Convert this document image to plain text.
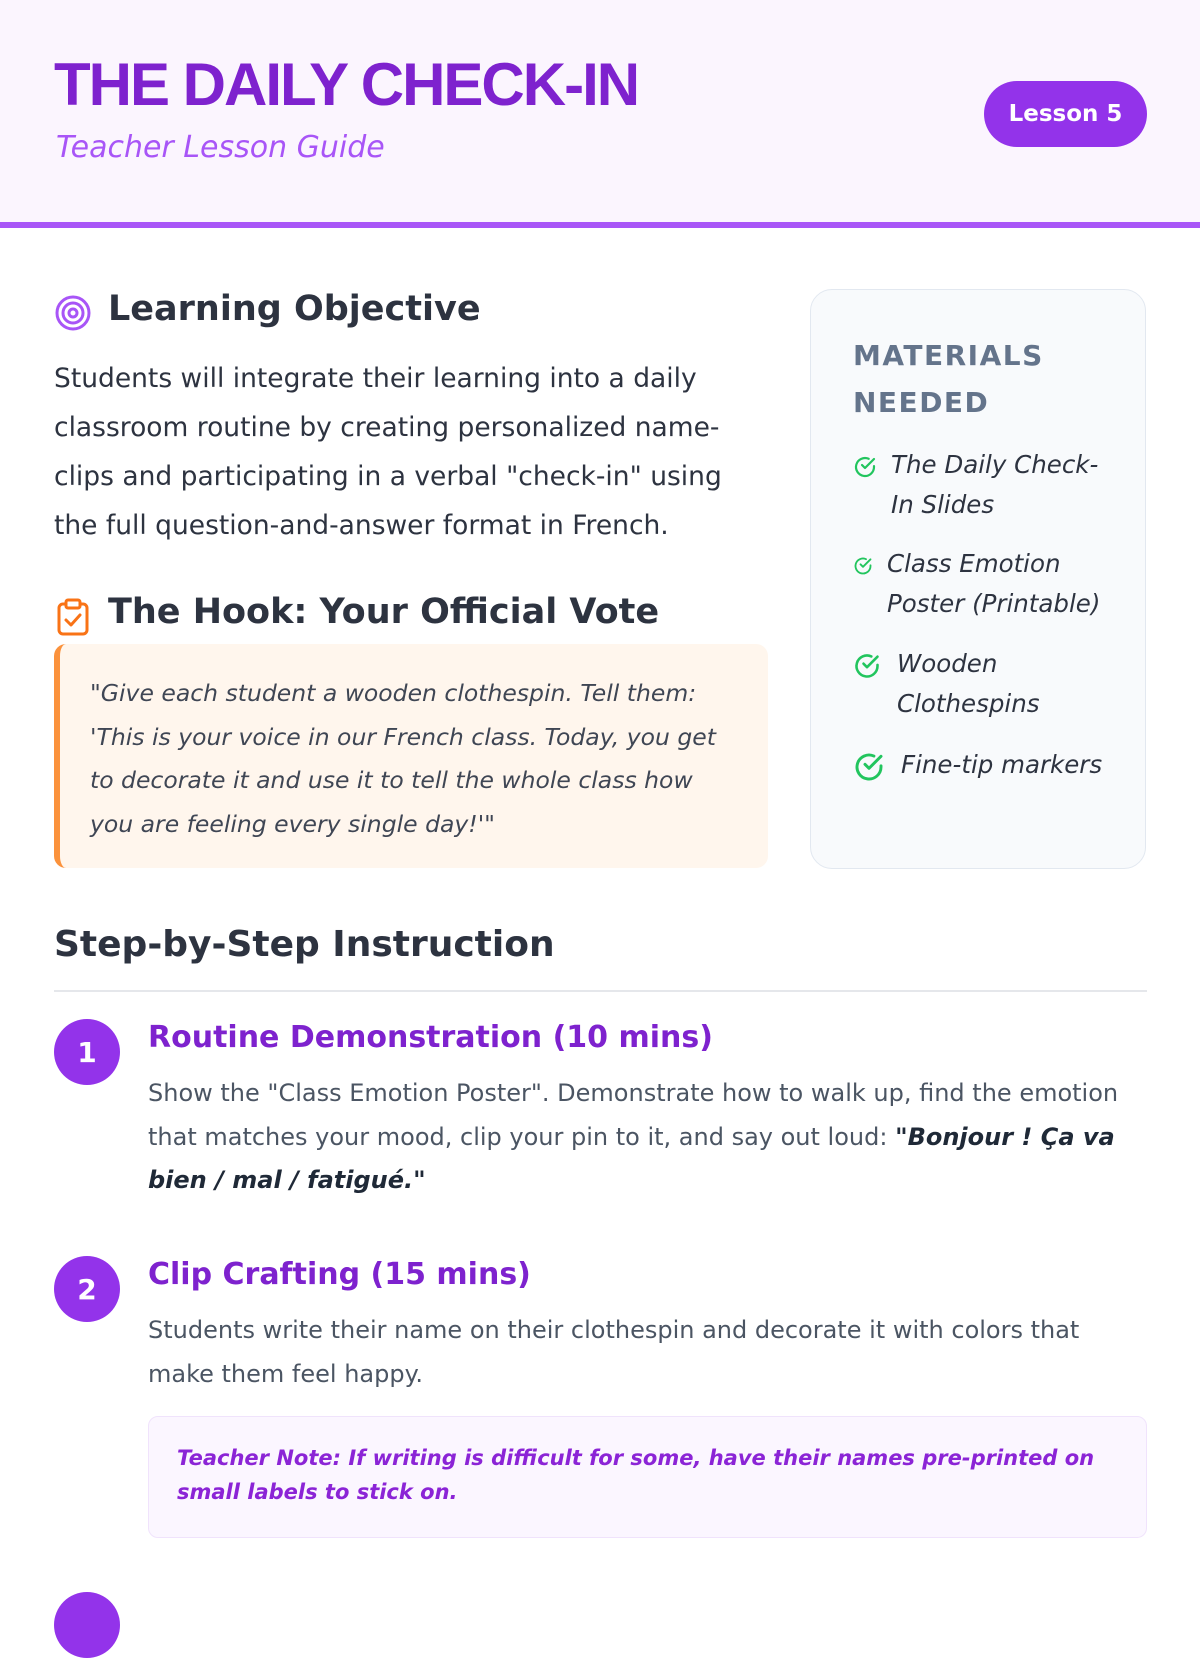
THE DAILY CHECK-IN
Teacher Lesson Guide
Lesson 5
Learning Objective
Students will integrate their learning into a daily classroom routine by creating personalized name-clips and participating in a verbal "check-in" using the full question-and-answer format in French.
The Hook: Your Official Vote
"Give each student a wooden clothespin. Tell them: 'This is your voice in our French class. Today, you get to decorate it and use it to tell the whole class how you are feeling every single day!'"
MATERIALS NEEDED
The Daily Check-In Slides
Class Emotion Poster (Printable)
Wooden Clothespins
Fine-tip markers
Step-by-Step Instruction
1	Routine Demonstration (10 mins)
Show the "Class Emotion Poster". Demonstrate how to walk up, find the emotion that matches your mood, clip your pin to it, and say out loud: "Bonjour ! Ça va bien / mal / fatigué."
2	Clip Crafting (15 mins)
Students write their name on their clothespin and decorate it with colors that make them feel happy.
Teacher Note: If writing is difficult for some, have their names pre-printed on small labels to stick on.
